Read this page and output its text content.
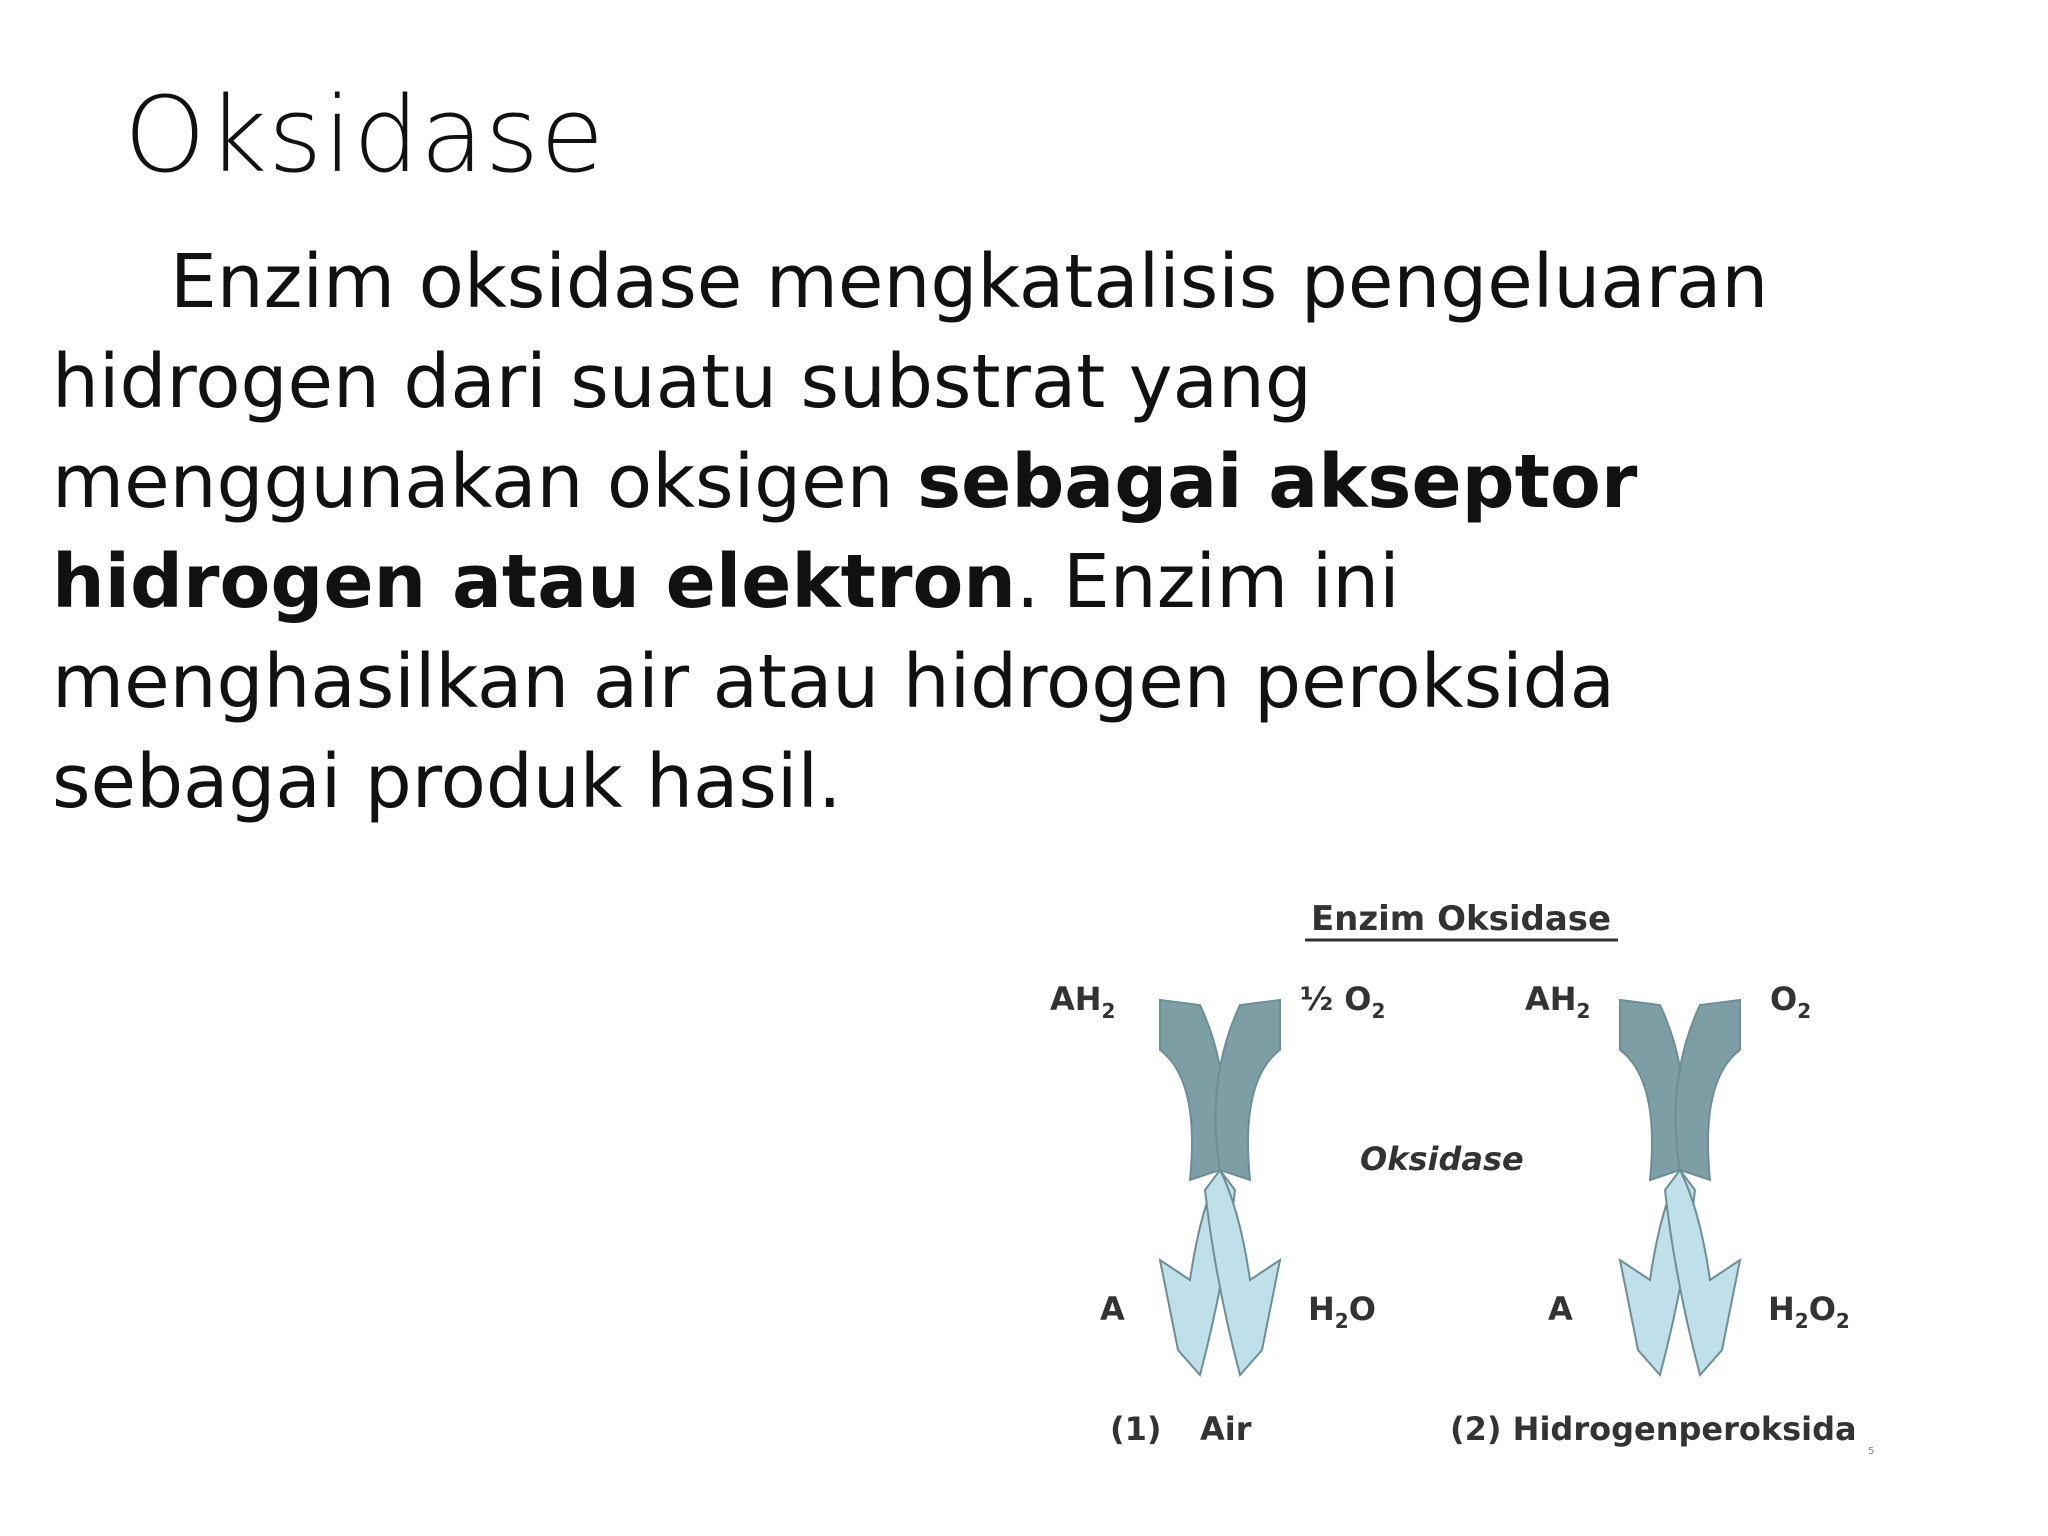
Oksidase

Enzim oksidase mengkatalisis pengeluaran
hidrogen dari suatu substrat yang
menggunakan oksigen sebagai akseptor
hidrogen atau elektron. Enzim ini
menghasilkan air atau hidrogen peroksida
sebagai produk hasil.

Enzim Oksidase
$AH_2$	½ $O_2$
A	$H_2O$
(1) Air
Oksidase
$AH_2$	$O_2$
A	$H_2O_2$
(2) Hidrogenperoksida
5
